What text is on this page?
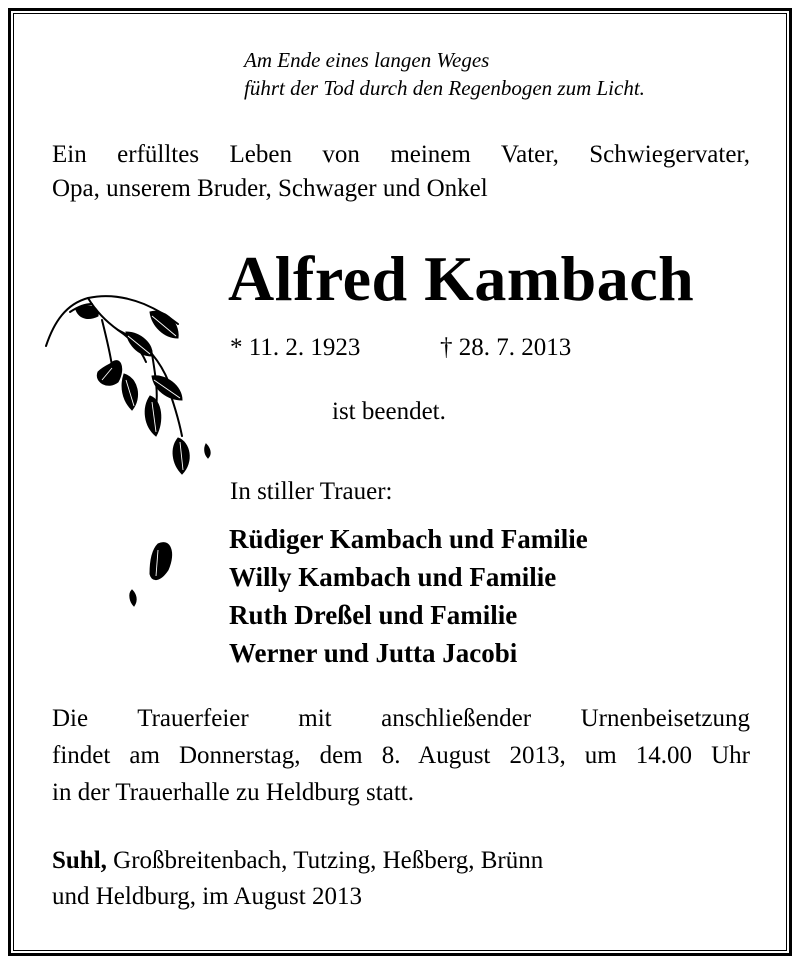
Am Ende eines langen Weges
führt der Tod durch den Regenbogen zum Licht.
Ein erfülltes Leben von meinem Vater, Schwiegervater,
Opa, unserem Bruder, Schwager und Onkel
Alfred Kambach
* 11. 2. 1923	† 28. 7. 2013
ist beendet.
In stiller Trauer:
Rüdiger Kambach und Familie
Willy Kambach und Familie
Ruth Dreßel und Familie
Werner und Jutta Jacobi
Die Trauerfeier mit anschließender Urnenbeisetzung
findet am Donnerstag, dem 8. August 2013, um 14.00 Uhr
in der Trauerhalle zu Heldburg statt.
Suhl, Großbreitenbach, Tutzing, Heßberg, Brünn
und Heldburg, im August 2013
